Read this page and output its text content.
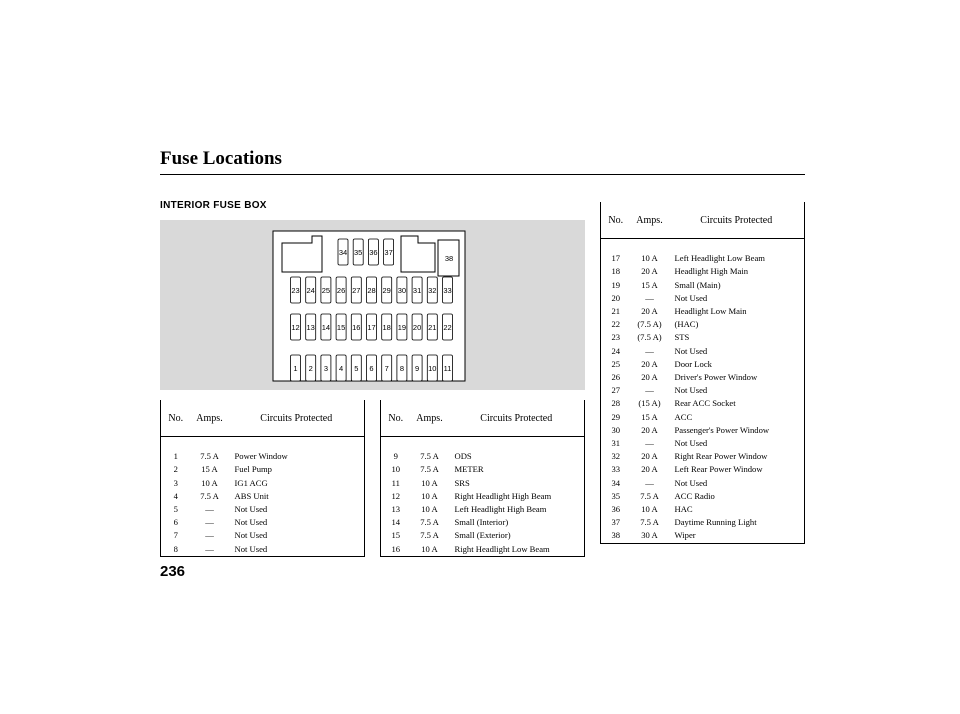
Fuse Locations
INTERIOR FUSE BOX
34 35 36 37
23 24 25 26 27 28 29 30 31 32 33
12 13 14 15 16 17 18 19 20 21 22
1 2 3 4 5 6 7 8 9 10 11
38
No.	Amps.	Circuits Protected

1	7.5 A	Power Window
2	15 A	Fuel Pump
3	10 A	IG1 ACG
4	7.5 A	ABS Unit
5	—	Not Used
6	—	Not Used
7	—	Not Used
8	—	Not Used
No.	Amps.	Circuits Protected

9	7.5 A	ODS
10	7.5 A	METER
11	10 A	SRS
12	10 A	Right Headlight High Beam
13	10 A	Left Headlight High Beam
14	7.5 A	Small (Interior)
15	7.5 A	Small (Exterior)
16	10 A	Right Headlight Low Beam
No.	Amps.	Circuits Protected

17	10 A	Left Headlight Low Beam
18	20 A	Headlight High Main
19	15 A	Small (Main)
20	—	Not Used
21	20 A	Headlight Low Main
22	(7.5 A)	(HAC)
23	(7.5 A)	STS
24	—	Not Used
25	20 A	Door Lock
26	20 A	Driver's Power Window
27	—	Not Used
28	(15 A)	Rear ACC Socket
29	15 A	ACC
30	20 A	Passenger's Power Window
31	—	Not Used
32	20 A	Right Rear Power Window
33	20 A	Left Rear Power Window
34	—	Not Used
35	7.5 A	ACC Radio
36	10 A	HAC
37	7.5 A	Daytime Running Light
38	30 A	Wiper
236
